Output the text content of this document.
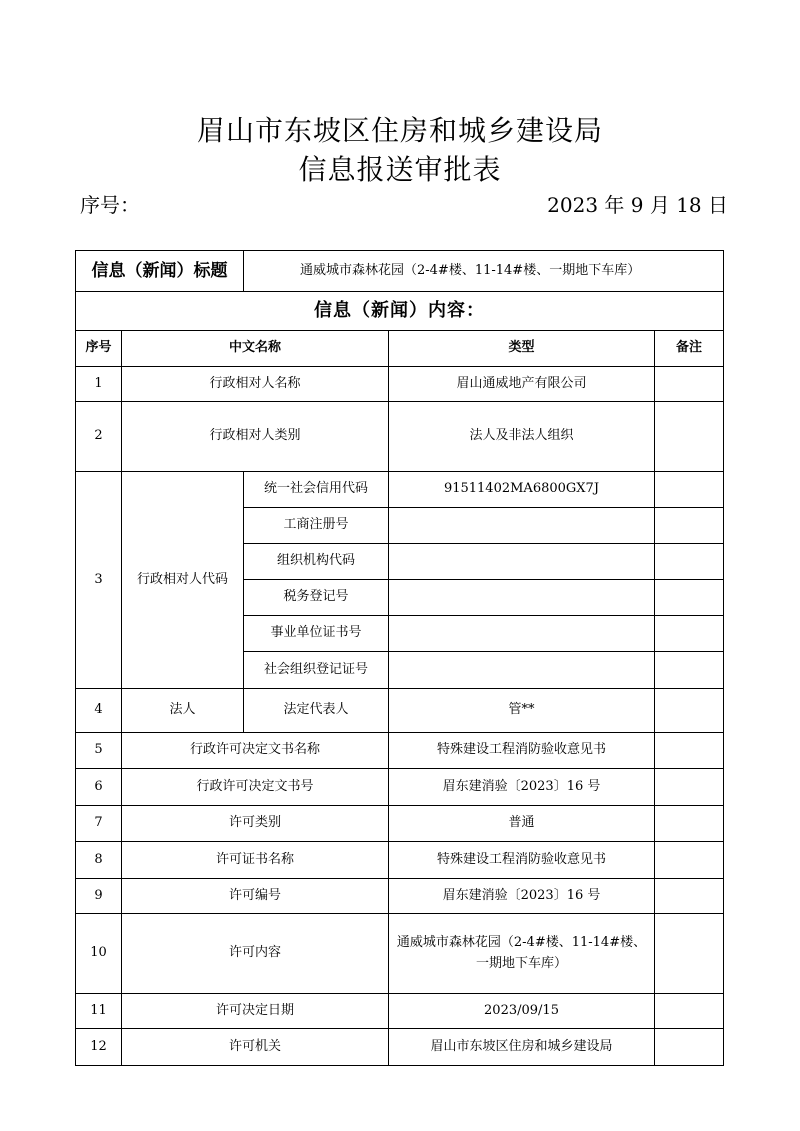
眉山市东坡区住房和城乡建设局
信息报送审批表
序号：	2023 年 9 月 18 日
信息（新闻）标题		通威城市森林花园（2-4#楼、11-14#楼、一期地下车库）		
信息（新闻）内容：				
序号	中文名称		类型	备注
1	行政相对人名称		眉山通威地产有限公司	
2	行政相对人类别		法人及非法人组织	
3	行政相对人代码	统一社会信用代码	91511402MA6800GX7J	
		工商注册号		
		组织机构代码		
		税务登记号		
		事业单位证书号		
		社会组织登记证号		
4	法人	法定代表人	管**	
5	行政许可决定文书名称		特殊建设工程消防验收意见书	
6	行政许可决定文书号		眉东建消验〔2023〕16 号	
7	许可类别		普通	
8	许可证书名称		特殊建设工程消防验收意见书	
9	许可编号		眉东建消验〔2023〕16 号	
10	许可内容		通威城市森林花园（2-4#楼、11-14#楼、
一期地下车库）	

11	许可决定日期		2023/09/15	
12	许可机关		眉山市东坡区住房和城乡建设局	
